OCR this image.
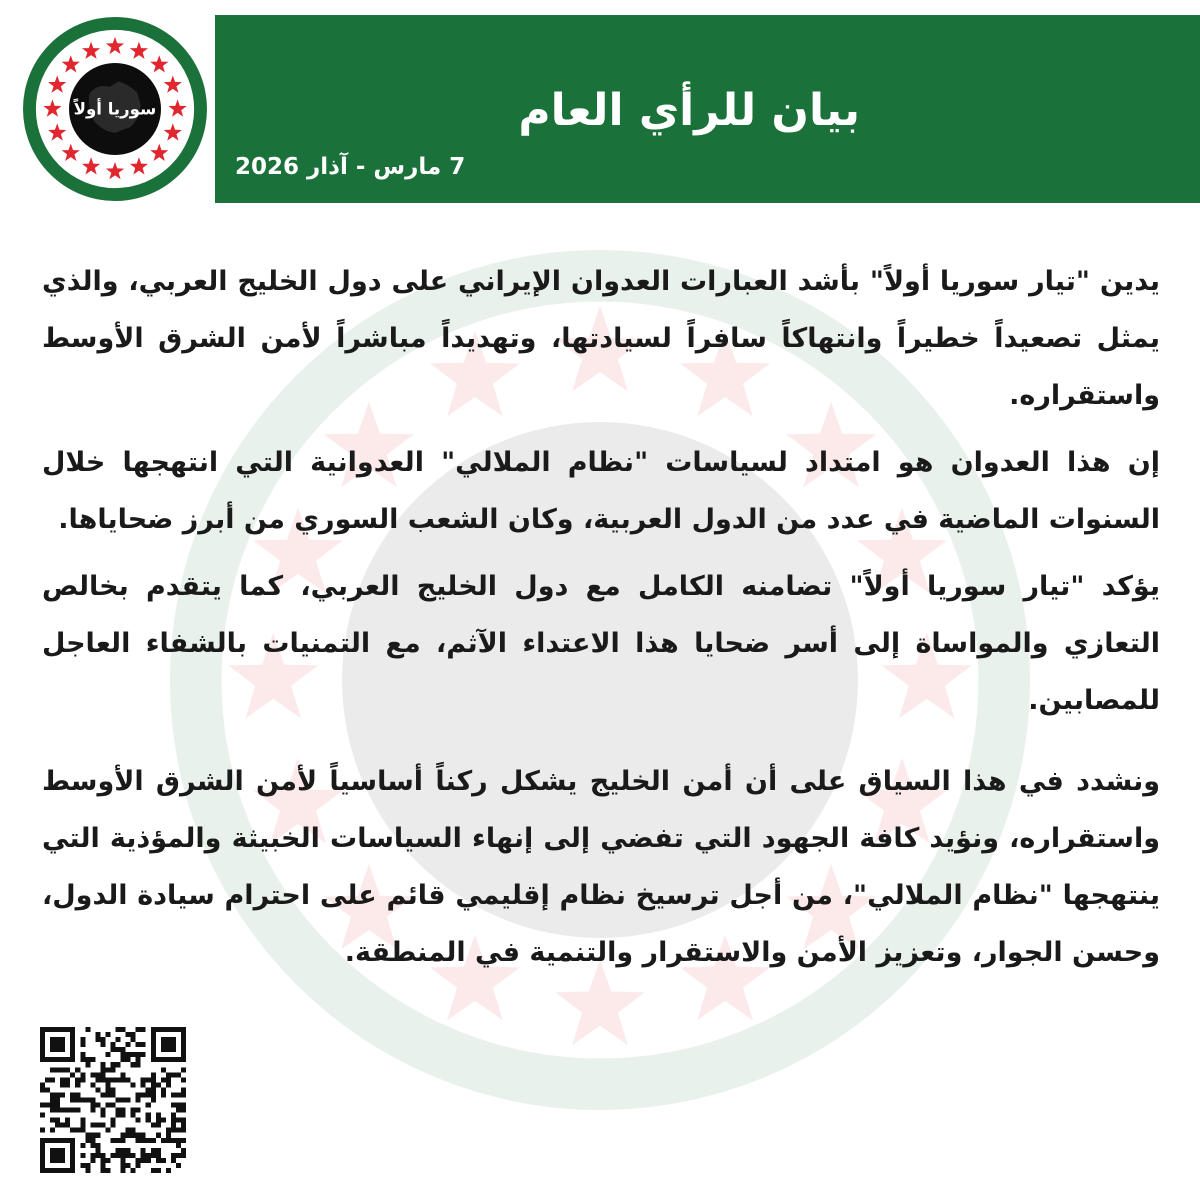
بيان للرأي العام
7 مارس - آذار 2026
سوريا أولاً

يدين "تيار سوريا أولاً" بأشد العبارات العدوان الإيراني على دول الخليج العربي، والذي يمثل تصعيداً خطيراً وانتهاكاً سافراً لسيادتها، وتهديداً مباشراً لأمن الشرق الأوسط واستقراره.

إن هذا العدوان هو امتداد لسياسات "نظام الملالي" العدوانية التي انتهجها خلال السنوات الماضية في عدد من الدول العربية، وكان الشعب السوري من أبرز ضحاياها.

يؤكد "تيار سوريا أولاً" تضامنه الكامل مع دول الخليج العربي، كما يتقدم بخالص التعازي والمواساة إلى أسر ضحايا هذا الاعتداء الآثم، مع التمنيات بالشفاء العاجل للمصابين.

ونشدد في هذا السياق على أن أمن الخليج يشكل ركناً أساسياً لأمن الشرق الأوسط واستقراره، ونؤيد كافة الجهود التي تفضي إلى إنهاء السياسات الخبيثة والمؤذية التي ينتهجها "نظام الملالي"، من أجل ترسيخ نظام إقليمي قائم على احترام سيادة الدول، وحسن الجوار، وتعزيز الأمن والاستقرار والتنمية في المنطقة.
